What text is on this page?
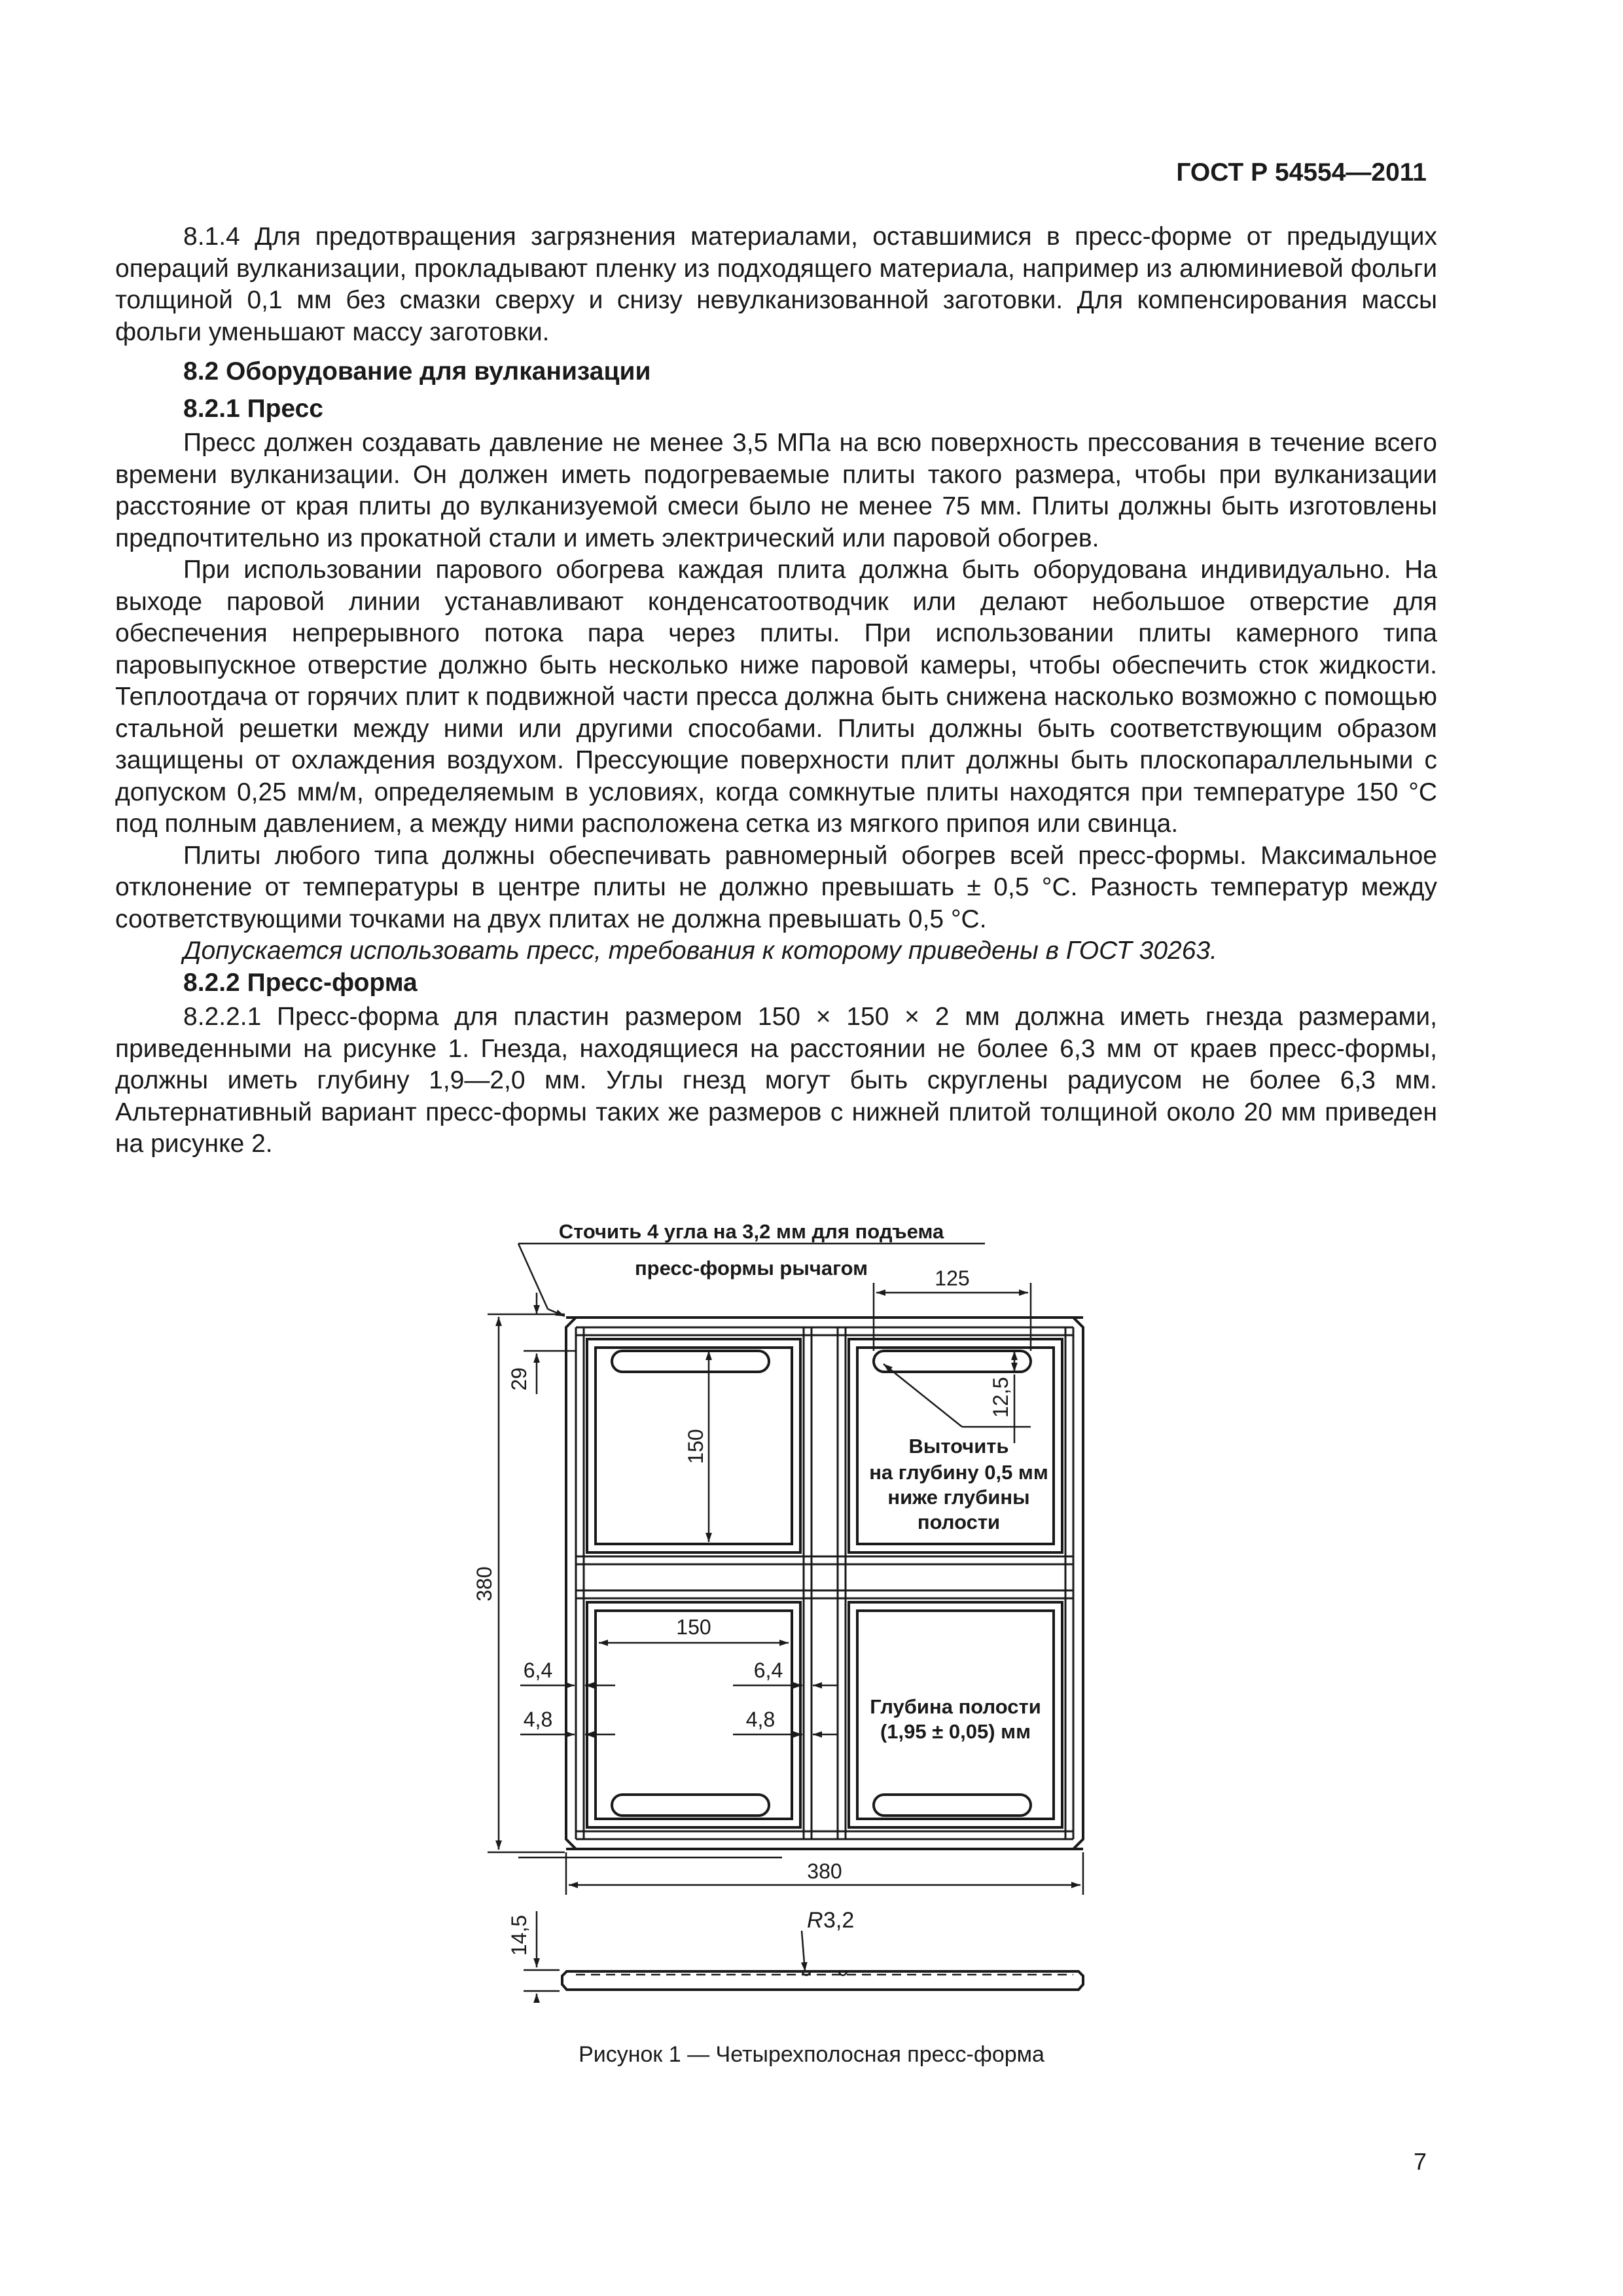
ГОСТ Р 54554—2011

8.1.4 Для предотвращения загрязнения материалами, оставшимися в пресс-форме от предыдущих операций вулканизации, прокладывают пленку из подходящего материала, например из алюминиевой фольги толщиной 0,1 мм без смазки сверху и снизу невулканизованной заготовки. Для компенсирования массы фольги уменьшают массу заготовки.

8.2 Оборудование для вулканизации

8.2.1 Пресс

Пресс должен создавать давление не менее 3,5 МПа на всю поверхность прессования в течение всего времени вулканизации. Он должен иметь подогреваемые плиты такого размера, чтобы при вулканизации расстояние от края плиты до вулканизуемой смеси было не менее 75 мм. Плиты должны быть изготовлены предпочтительно из прокатной стали и иметь электрический или паровой обогрев.

При использовании парового обогрева каждая плита должна быть оборудована индивидуально. На выходе паровой линии устанавливают конденсатоотводчик или делают небольшое отверстие для обеспечения непрерывного потока пара через плиты. При использовании плиты камерного типа паровыпускное отверстие должно быть несколько ниже паровой камеры, чтобы обеспечить сток жидкости. Теплоотдача от горячих плит к подвижной части пресса должна быть снижена насколько возможно с помощью стальной решетки между ними или другими способами. Плиты должны быть соответствующим образом защищены от охлаждения воздухом. Прессующие поверхности плит должны быть плоскопараллельными с допуском 0,25 мм/м, определяемым в условиях, когда сомкнутые плиты находятся при температуре 150 °С под полным давлением, а между ними расположена сетка из мягкого припоя или свинца.

Плиты любого типа должны обеспечивать равномерный обогрев всей пресс-формы. Максимальное отклонение от температуры в центре плиты не должно превышать ± 0,5 °С. Разность температур между соответствующими точками на двух плитах не должна превышать 0,5 °С.

Допускается использовать пресс, требования к которому приведены в ГОСТ 30263.

8.2.2 Пресс-форма

8.2.2.1 Пресс-форма для пластин размером 150 × 150 × 2 мм должна иметь гнезда размерами, приведенными на рисунке 1. Гнезда, находящиеся на расстоянии не более 6,3 мм от краев пресс-формы, должны иметь глубину 1,9—2,0 мм. Углы гнезд могут быть скруглены радиусом не более 6,3 мм. Альтернативный вариант пресс-формы таких же размеров с нижней плитой толщиной около 20 мм приведен на рисунке 2.

Сточить 4 угла на 3,2 мм для подъема
пресс-формы рычагом	125
29
150
380
12,5
Выточить
на глубину 0,5 мм
ниже глубины
полости
150
6,4
4,8
6,4
4,8
Глубина полости
(1,95 ± 0,05) мм
380
14,5	R 3,2
Рисунок 1 — Четырехполосная пресс-форма
7
